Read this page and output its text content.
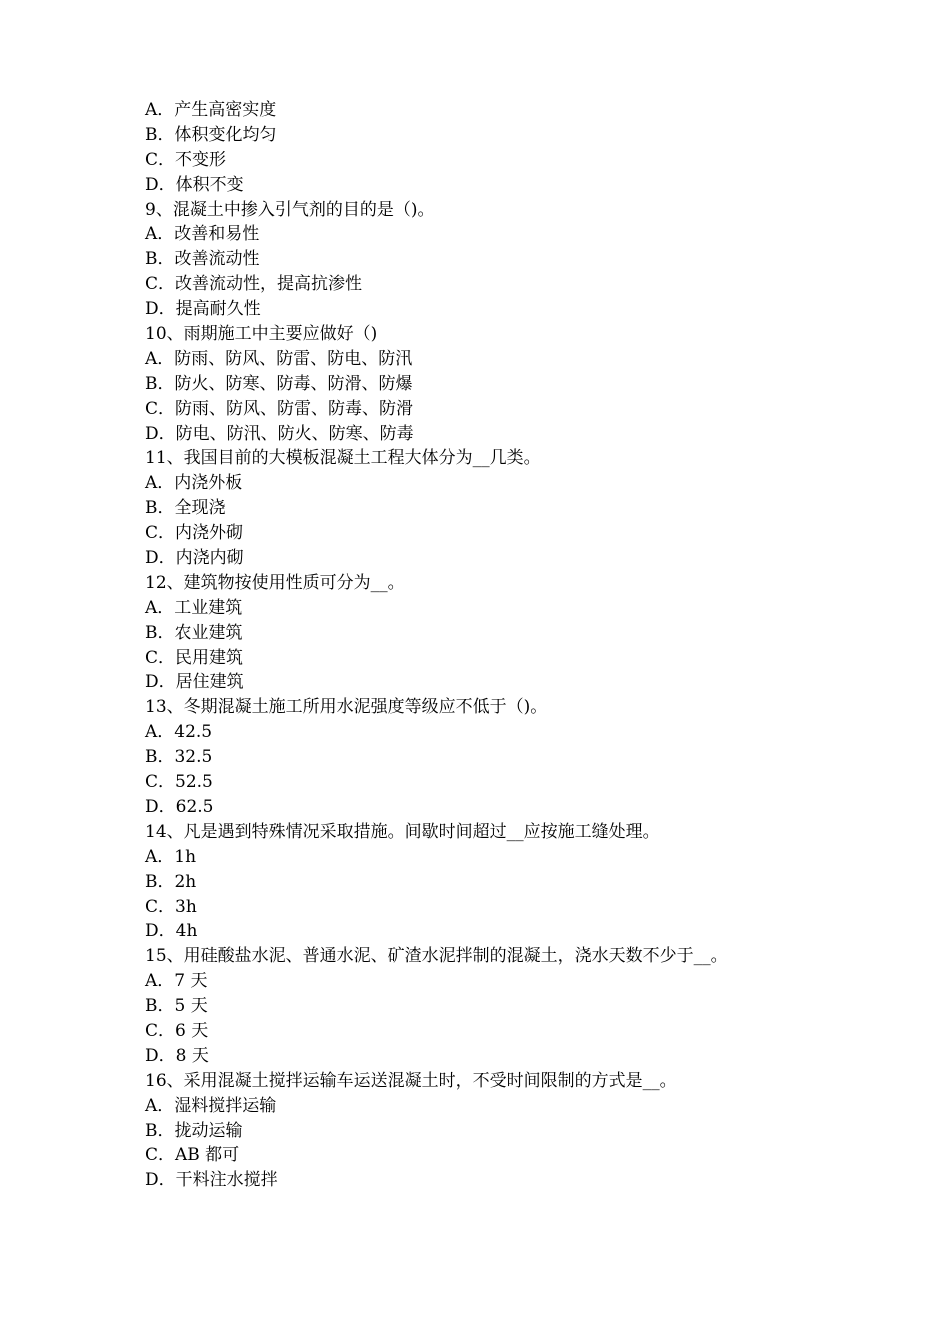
A．产生高密实度
B．体积变化均匀
C．不变形
D．体积不变
9、混凝土中掺入引气剂的目的是（)。
A．改善和易性
B．改善流动性
C．改善流动性，提高抗渗性
D．提高耐久性
10、雨期施工中主要应做好（)
A．防雨、防风、防雷、防电、防汛
B．防火、防寒、防毒、防滑、防爆
C．防雨、防风、防雷、防毒、防滑
D．防电、防汛、防火、防寒、防毒
11、我国目前的大模板混凝土工程大体分为__几类。
A．内浇外板
B．全现浇
C．内浇外砌
D．内浇内砌
12、建筑物按使用性质可分为__。
A．工业建筑
B．农业建筑
C．民用建筑
D．居住建筑
13、冬期混凝土施工所用水泥强度等级应不低于（)。
A．42.5
B．32.5
C．52.5
D．62.5
14、凡是遇到特殊情况采取措施。间歇时间超过__应按施工缝处理。
A．1h
B．2h
C．3h
D．4h
15、用硅酸盐水泥、普通水泥、矿渣水泥拌制的混凝土，浇水天数不少于__。
A．7 天
B．5 天
C．6 天
D．8 天
16、采用混凝土搅拌运输车运送混凝土时，不受时间限制的方式是__。
A．湿料搅拌运输
B．拢动运输
C．AB 都可
D．干料注水搅拌
